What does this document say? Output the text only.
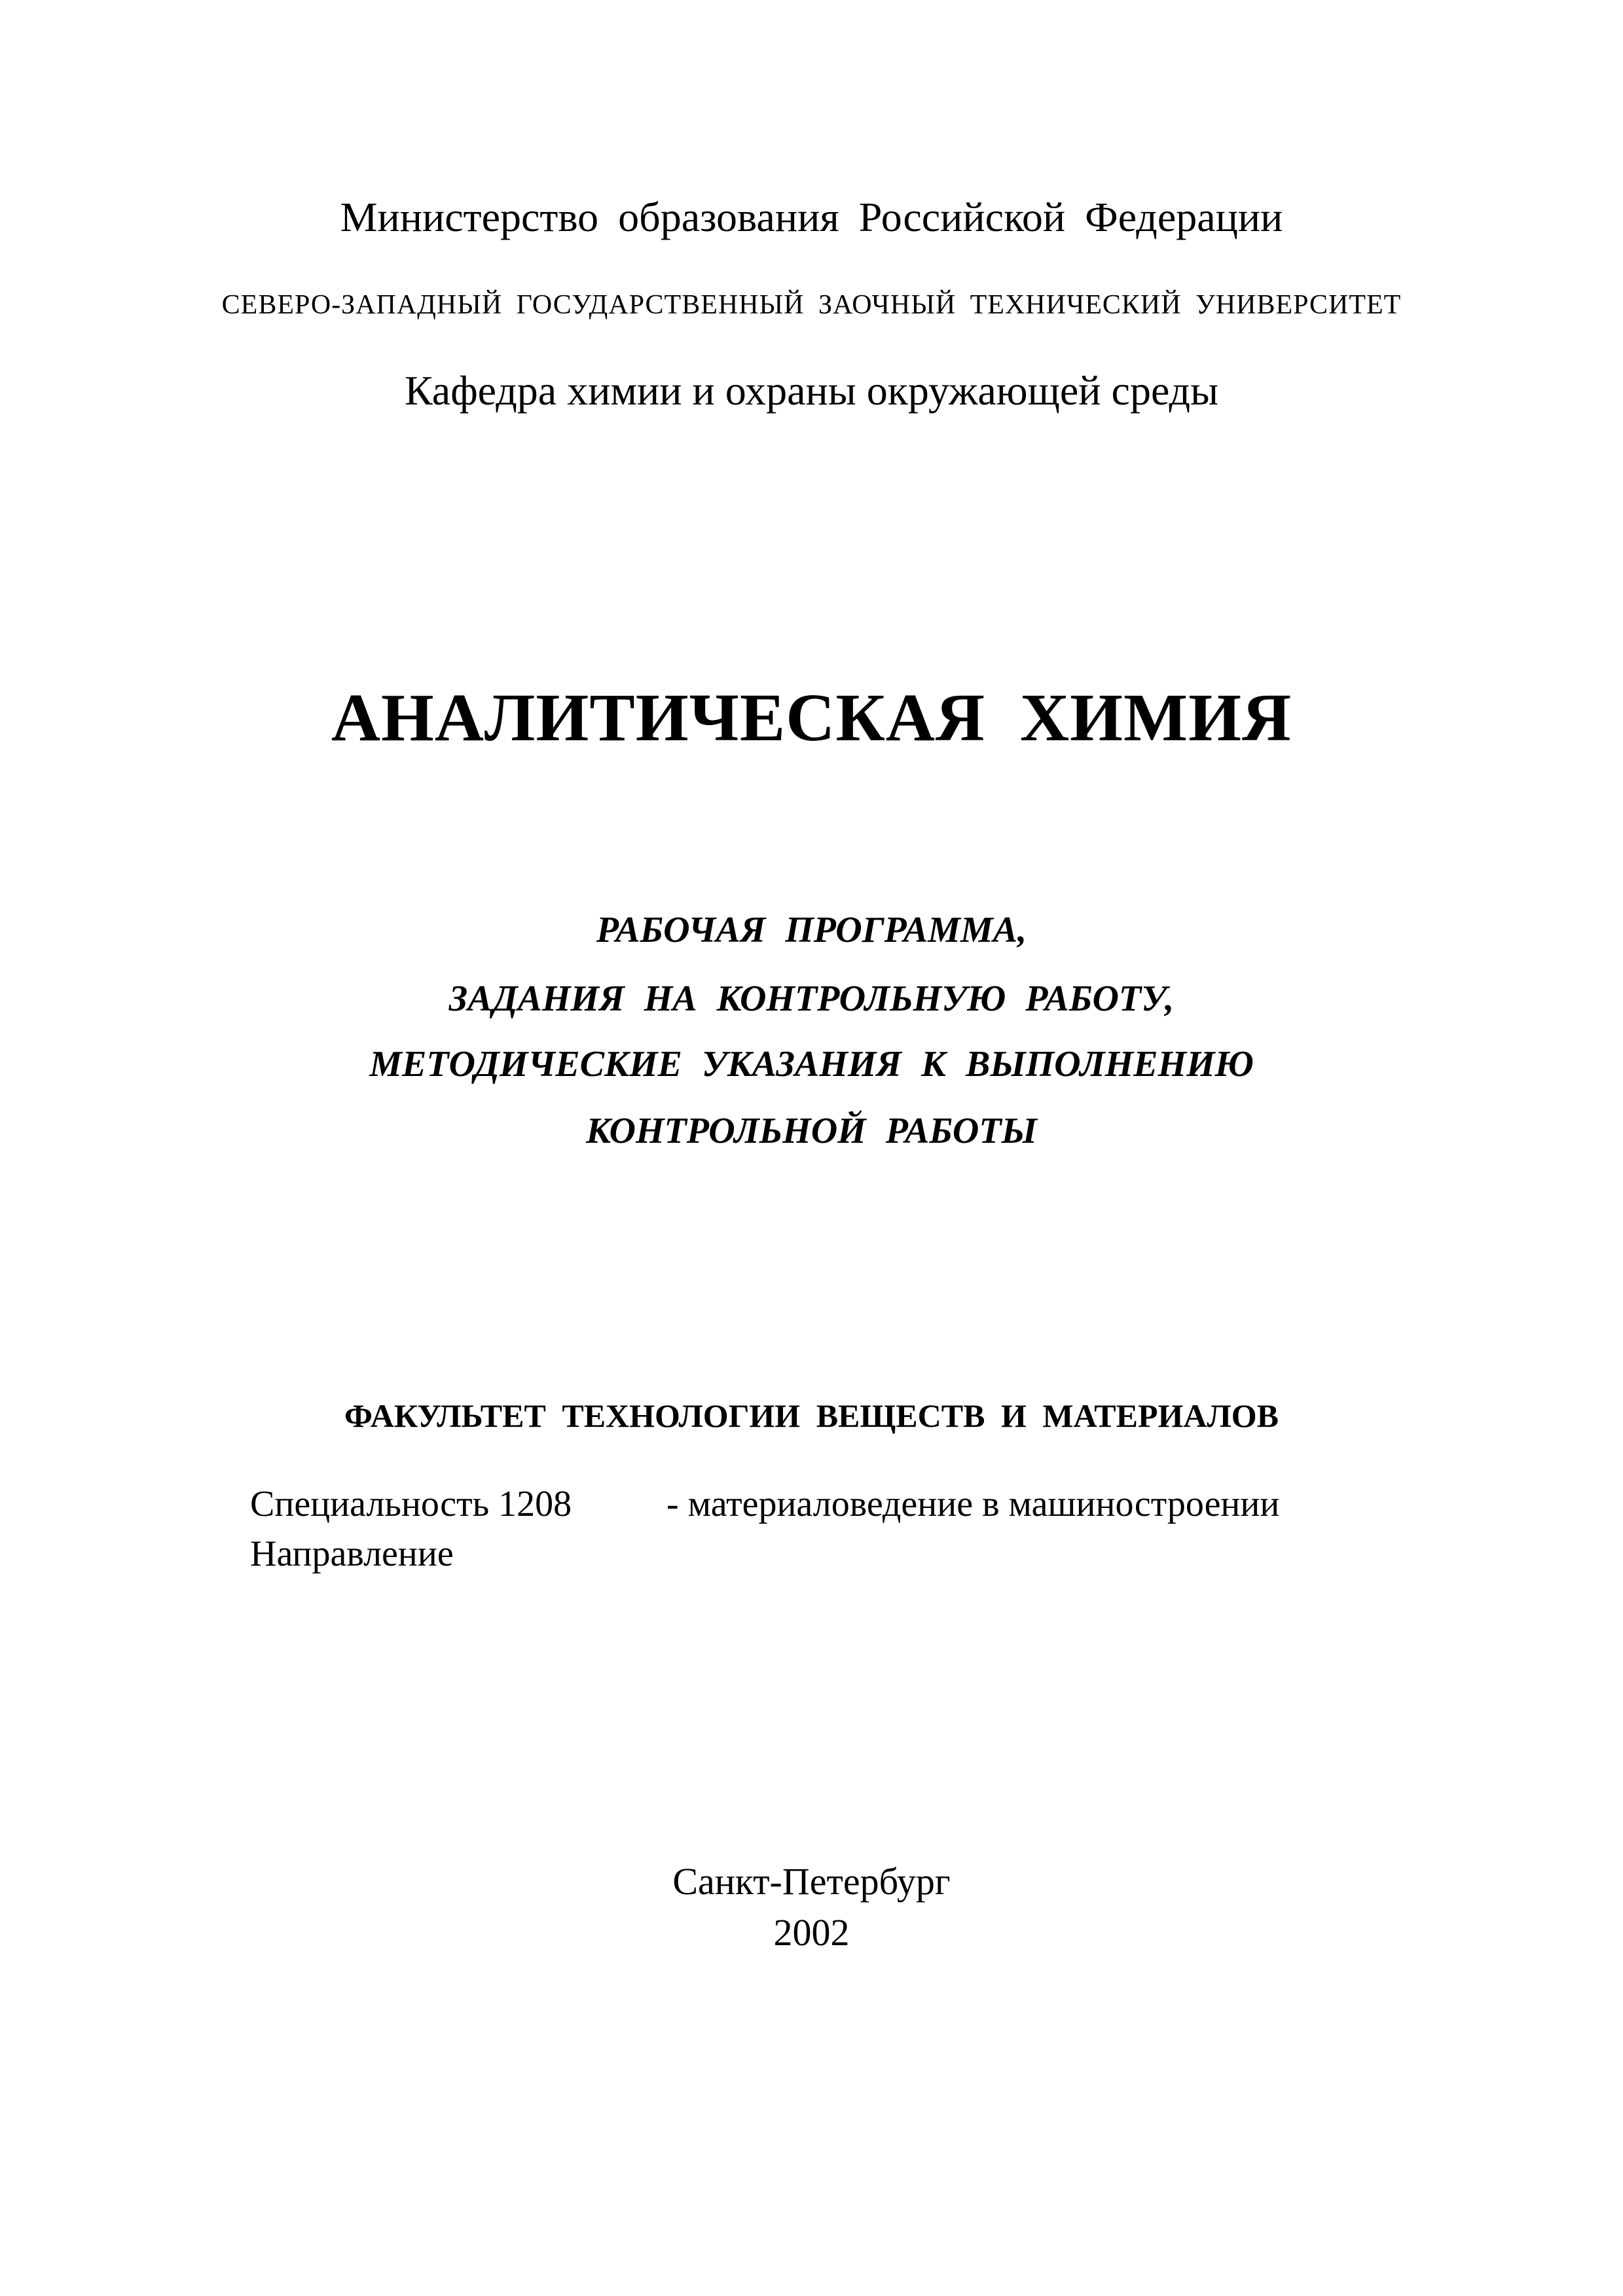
Министерство образования Российской Федерации
СЕВЕРО-ЗАПАДНЫЙ ГОСУДАРСТВЕННЫЙ ЗАОЧНЫЙ ТЕХНИЧЕСКИЙ УНИВЕРСИТЕТ
Кафедра химии и охраны окружающей среды
АНАЛИТИЧЕСКАЯ ХИМИЯ
РАБОЧАЯ ПРОГРАММА,
ЗАДАНИЯ НА КОНТРОЛЬНУЮ РАБОТУ,
МЕТОДИЧЕСКИЕ УКАЗАНИЯ К ВЫПОЛНЕНИЮ
КОНТРОЛЬНОЙ РАБОТЫ
ФАКУЛЬТЕТ ТЕХНОЛОГИИ ВЕЩЕСТВ И МАТЕРИАЛОВ
Специальность 1208	- материаловедение в машиностроении
Направление
Санкт-Петербург
2002
